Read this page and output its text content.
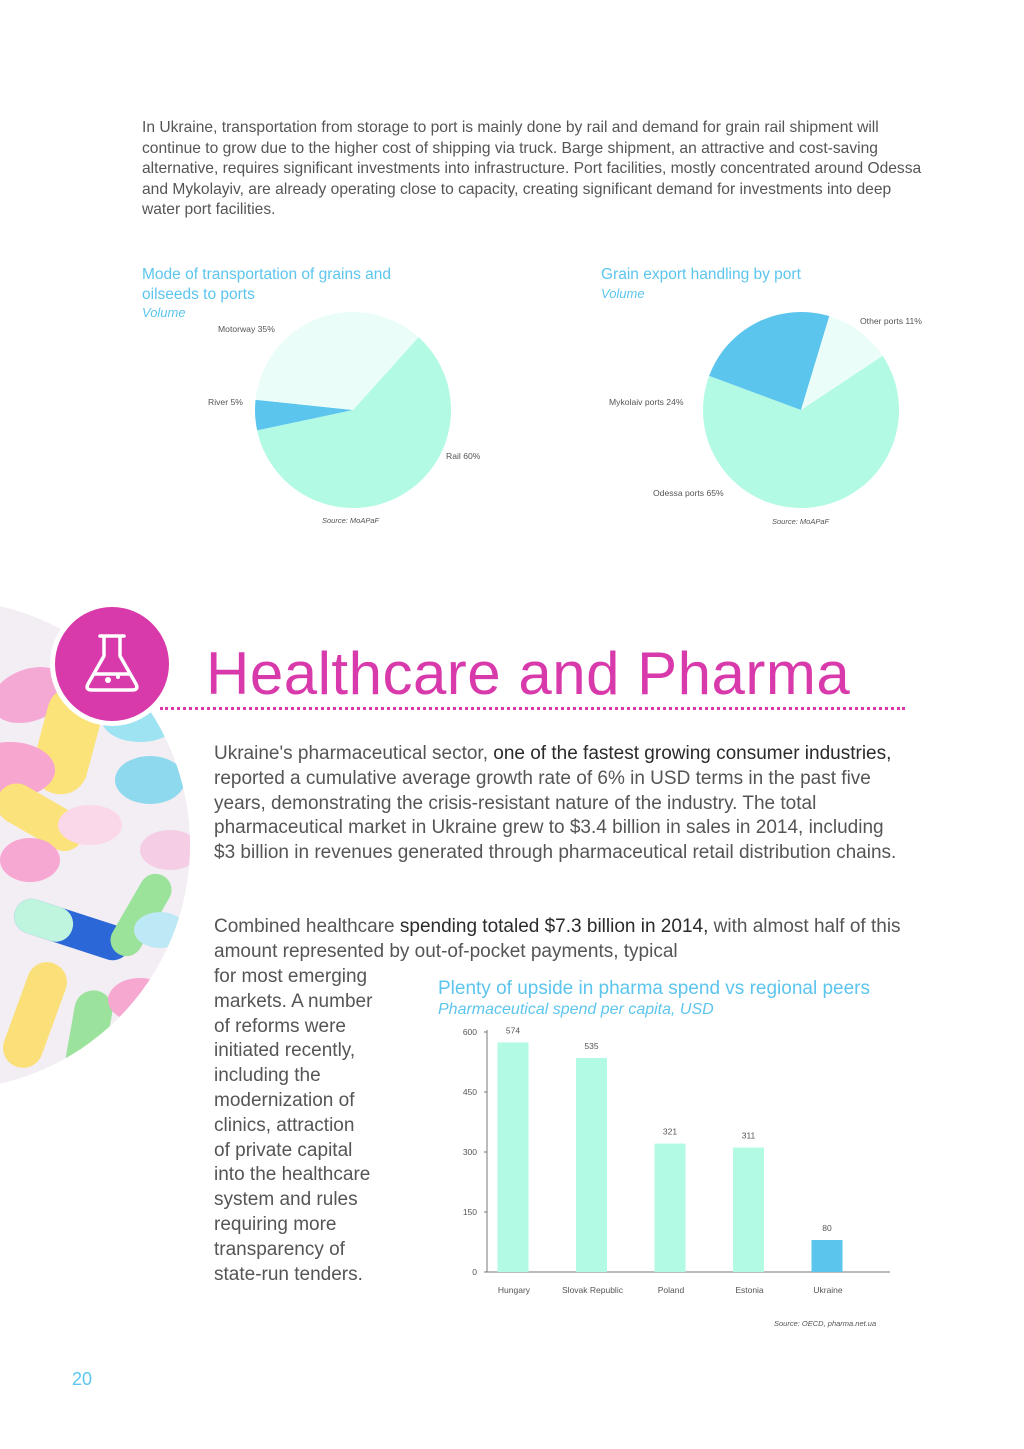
In Ukraine, transportation from storage to port is mainly done by rail and demand for grain rail shipment will continue to grow due to the higher cost of shipping via truck. Barge shipment, an attractive and cost-saving alternative, requires significant investments into infrastructure. Port facilities, mostly concentrated around Odessa and Mykolayiv, are already operating close to capacity, creating significant demand for investments into deep water port facilities.

Mode of transportation of grains and oilseeds to ports
Volume
Motorway 35%
River 5%
Rail 60%
Source: MoAPaF
Grain export handling by port
Volume
Other ports 11%
Mykolaiv ports 24%
Odessa ports 65%
Source: MoAPaF
Healthcare and Pharma

Ukraine's pharmaceutical sector, one of the fastest growing consumer industries, reported a cumulative average growth rate of 6% in USD terms in the past five years, demonstrating the crisis-resistant nature of the industry. The total pharmaceutical market in Ukraine grew to $3.4 billion in sales in 2014, including $3 billion in revenues generated through pharmaceutical retail distribution chains.

Combined healthcare spending totaled $7.3 billion in 2014, with almost half of this amount represented by out-of-pocket payments, typical

for most emerging
markets. A number
of reforms were
initiated recently,
including the
modernization of
clinics, attraction
of private capital
into the healthcare
system and rules
requiring more
transparency of
state-run tenders.
Plenty of upside in pharma spend vs regional peers
Pharmaceutical spend per capita, USD
0
150
300
450
600	574
Hungary
535
Slovak Republic
321
Poland
311
Estonia
80
Ukraine
Source: OECD, pharma.net.ua
20
